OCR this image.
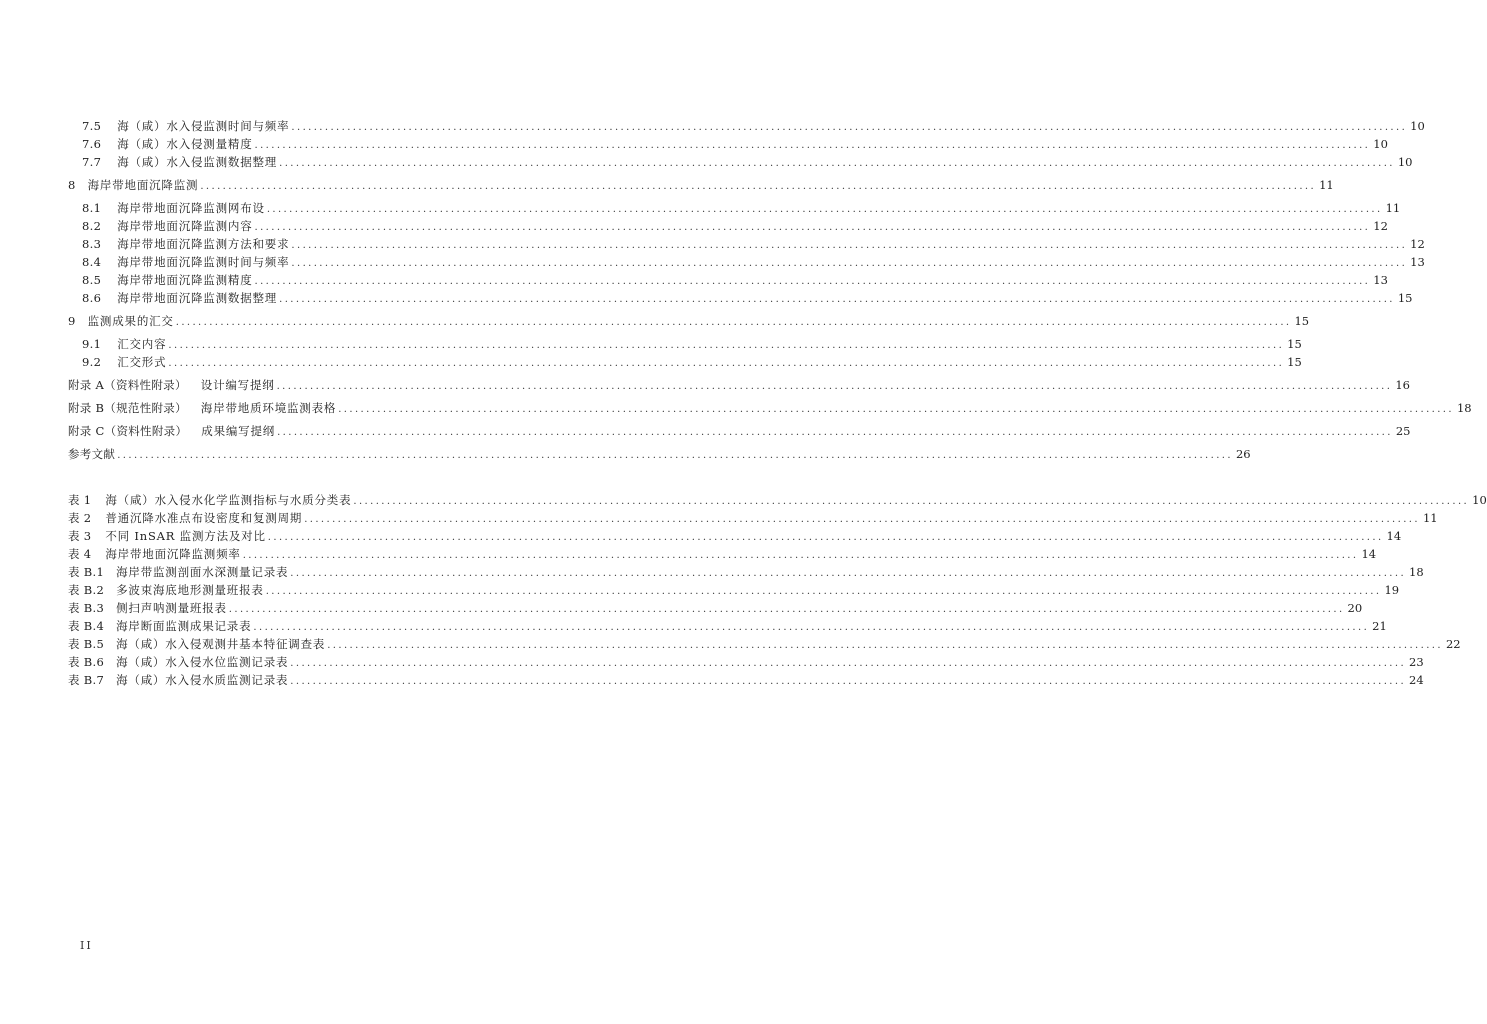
7.5 海（咸）水入侵监测时间与频率 ........................................................................................................................................................................................................ 10
7.6 海（咸）水入侵测量精度 ........................................................................................................................................................................................................ 10
7.7 海（咸）水入侵监测数据整理 ........................................................................................................................................................................................................ 10
8 海岸带地面沉降监测 ........................................................................................................................................................................................................ 11
8.1 海岸带地面沉降监测网布设 ........................................................................................................................................................................................................ 11
8.2 海岸带地面沉降监测内容 ........................................................................................................................................................................................................ 12
8.3 海岸带地面沉降监测方法和要求 ........................................................................................................................................................................................................ 12
8.4 海岸带地面沉降监测时间与频率 ........................................................................................................................................................................................................ 13
8.5 海岸带地面沉降监测精度 ........................................................................................................................................................................................................ 13
8.6 海岸带地面沉降监测数据整理 ........................................................................................................................................................................................................ 15
9 监测成果的汇交 ........................................................................................................................................................................................................ 15
9.1 汇交内容 ........................................................................................................................................................................................................ 15
9.2 汇交形式 ........................................................................................................................................................................................................ 15
附录 A（资料性附录） 设计编写提纲 ........................................................................................................................................................................................................ 16
附录 B（规范性附录） 海岸带地质环境监测表格 ........................................................................................................................................................................................................ 18
附录 C（资料性附录） 成果编写提纲 ........................................................................................................................................................................................................ 25
参考文献 ........................................................................................................................................................................................................ 26
表 1 海（咸）水入侵水化学监测指标与水质分类表 ........................................................................................................................................................................................................ 10
表 2 普通沉降水准点布设密度和复测周期 ........................................................................................................................................................................................................ 11
表 3 不同 InSAR 监测方法及对比 ........................................................................................................................................................................................................ 14
表 4 海岸带地面沉降监测频率 ........................................................................................................................................................................................................ 14
表 B.1 海岸带监测剖面水深测量记录表 ........................................................................................................................................................................................................ 18
表 B.2 多波束海底地形测量班报表 ........................................................................................................................................................................................................ 19
表 B.3 侧扫声呐测量班报表 ........................................................................................................................................................................................................ 20
表 B.4 海岸断面监测成果记录表 ........................................................................................................................................................................................................ 21
表 B.5 海（咸）水入侵观测井基本特征调查表 ........................................................................................................................................................................................................ 22
表 B.6 海（咸）水入侵水位监测记录表 ........................................................................................................................................................................................................ 23
表 B.7 海（咸）水入侵水质监测记录表 ........................................................................................................................................................................................................ 24
II
